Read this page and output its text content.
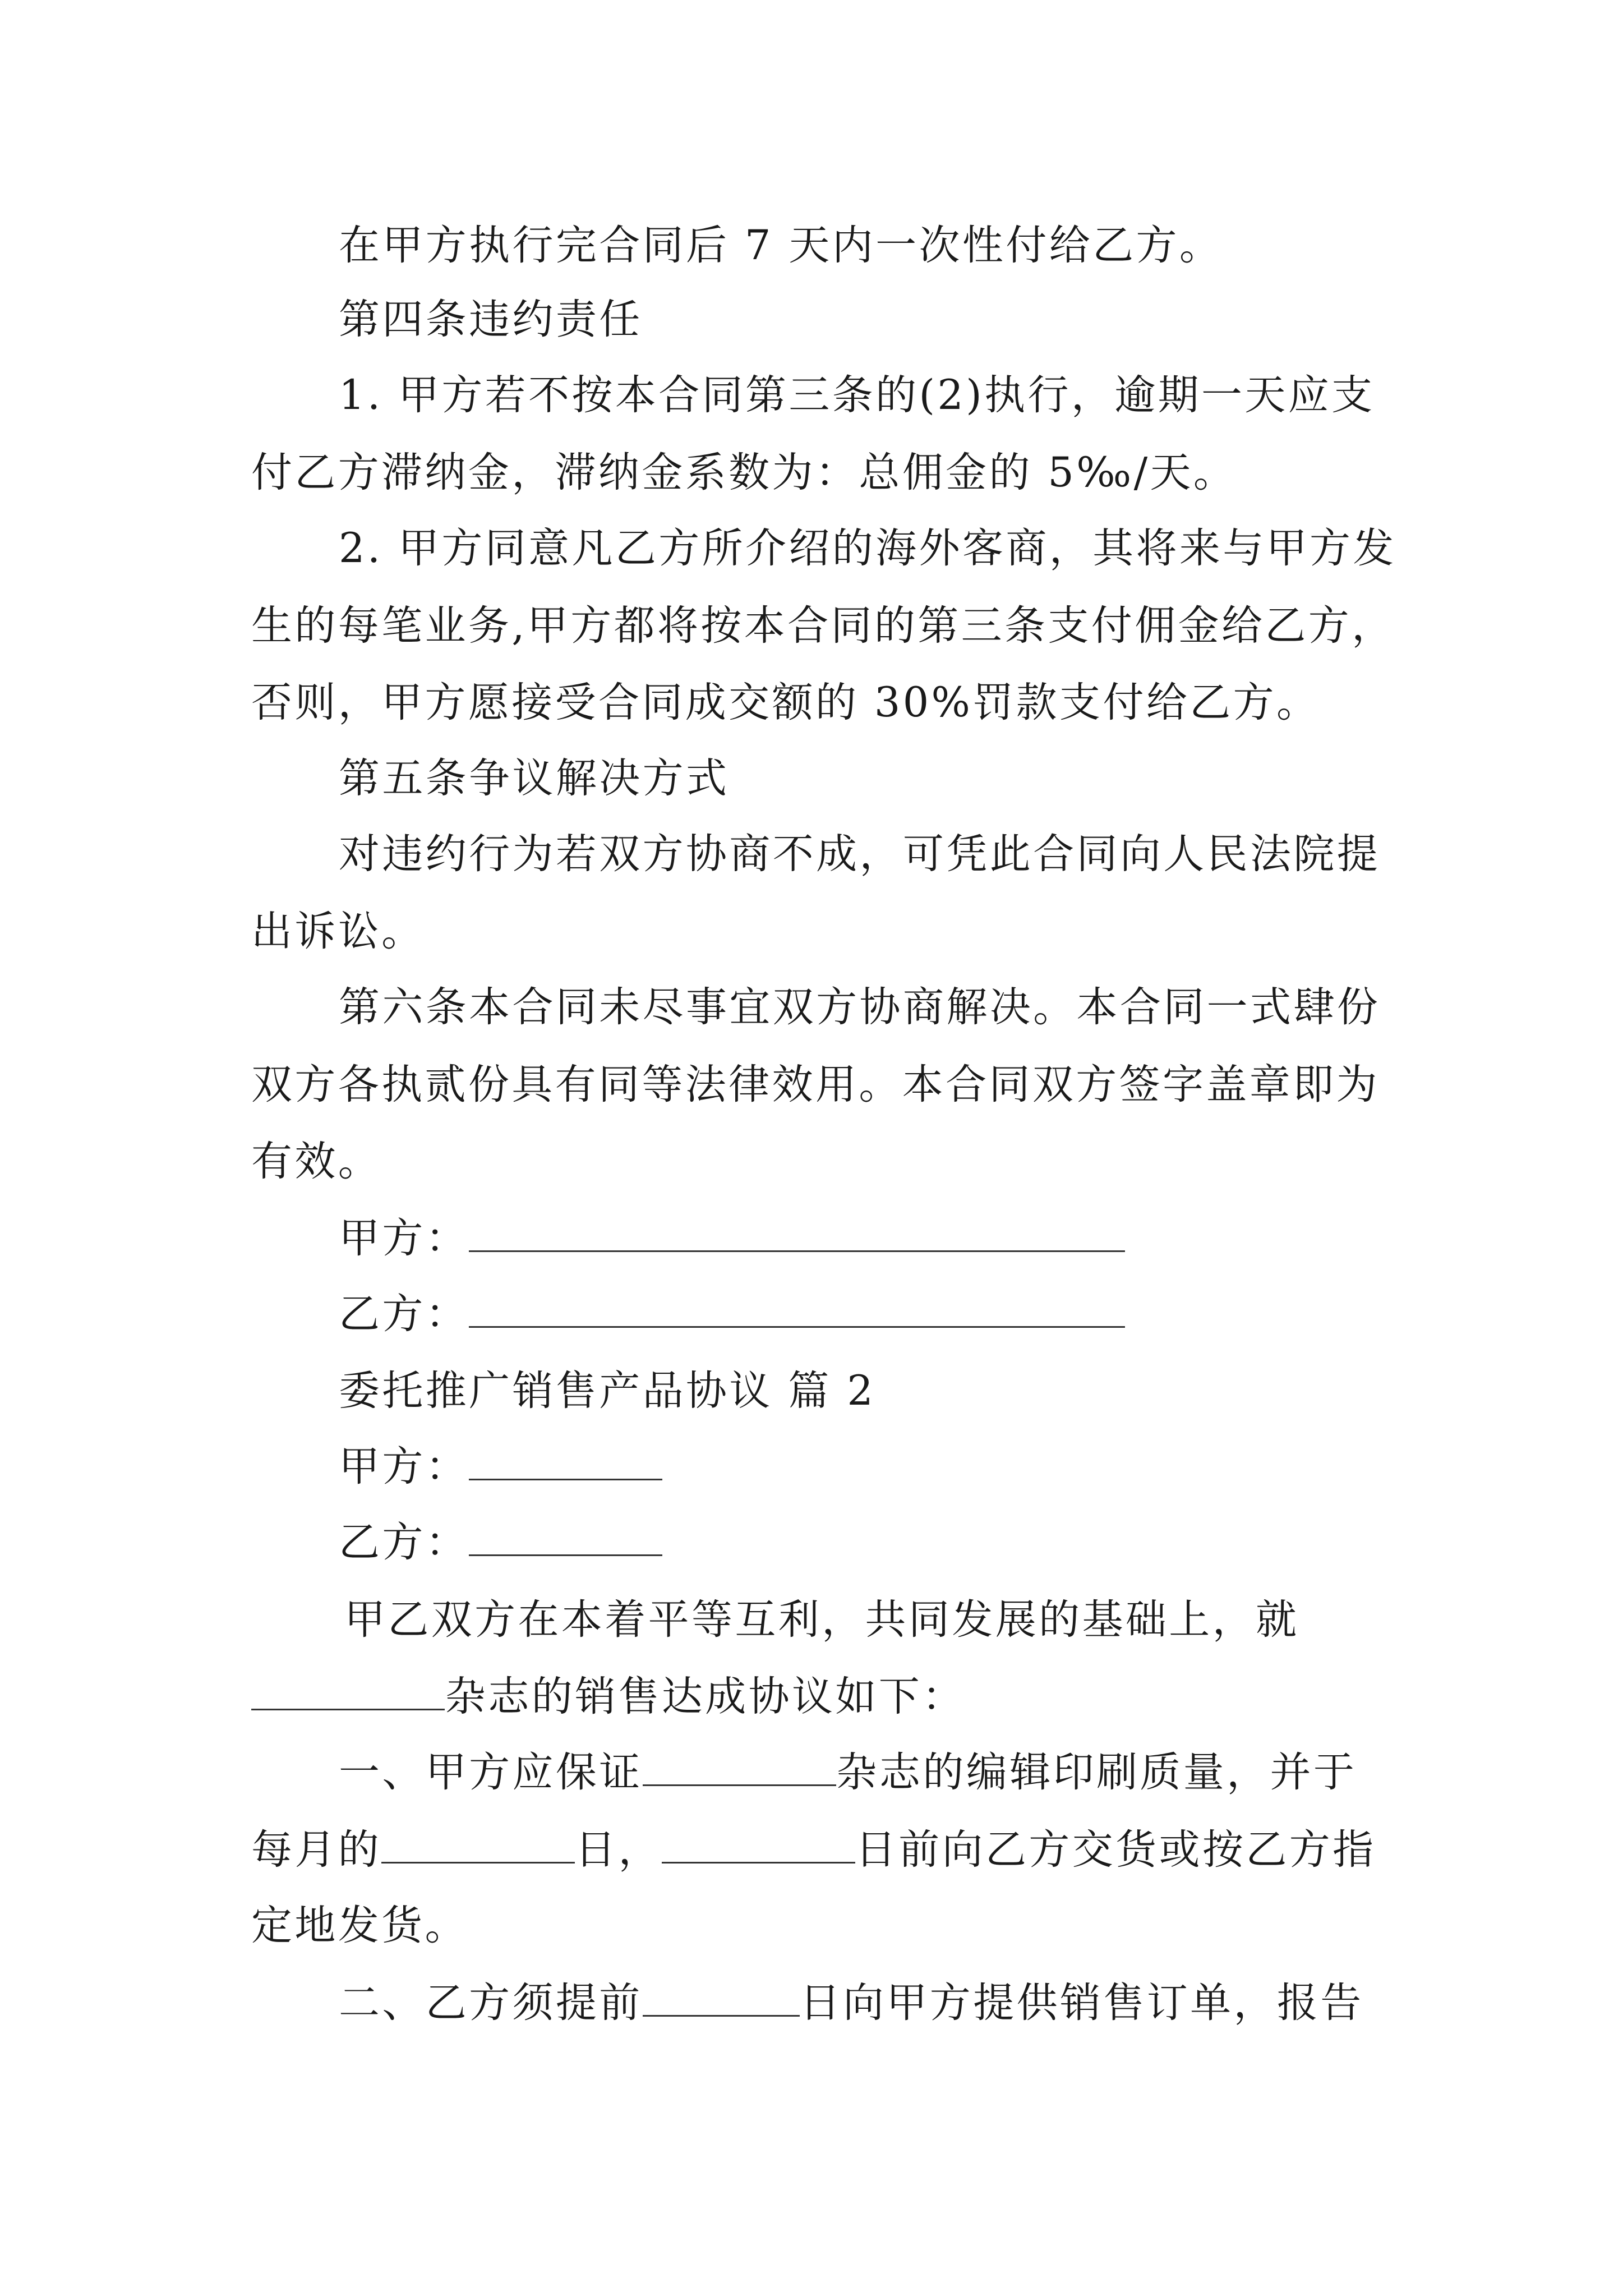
在甲方执行完合同后 7 天内一次性付给乙方。
第四条违约责任
1. 甲方若不按本合同第三条的(2)执行，逾期一天应支
付乙方滞纳金，滞纳金系数为：总佣金的 5‰/天。
2. 甲方同意凡乙方所介绍的海外客商，其将来与甲方发
生的每笔业务,甲方都将按本合同的第三条支付佣金给乙方，
否则，甲方愿接受合同成交额的 30%罚款支付给乙方。
第五条争议解决方式
对违约行为若双方协商不成，可凭此合同向人民法院提
出诉讼。
第六条本合同未尽事宜双方协商解决。本合同一式肆份
双方各执贰份具有同等法律效用。本合同双方签字盖章即为
有效。
甲方：
乙方：
委托推广销售产品协议 篇 2
甲方：
乙方：
甲乙双方在本着平等互利，共同发展的基础上，就
杂志的销售达成协议如下：
一、甲方应保证	杂志的编辑印刷质量，并于
每月的	日，	日前向乙方交货或按乙方指
定地发货。
二、乙方须提前	日向甲方提供销售订单，报告
